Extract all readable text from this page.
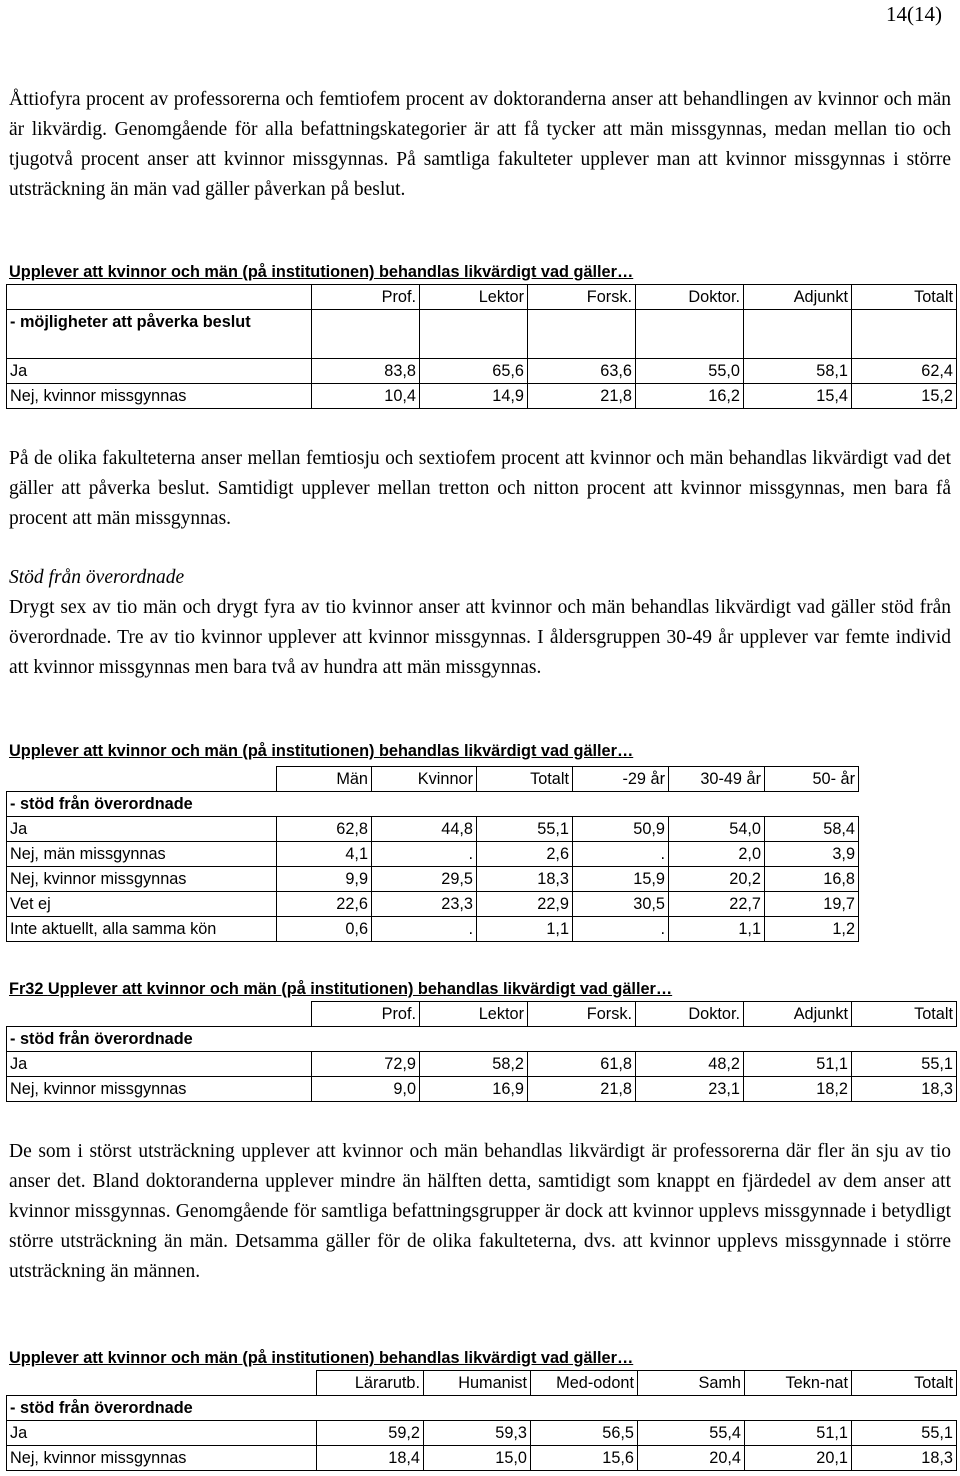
14(14)

Åttiofyra procent av professorerna och femtiofem procent av doktoranderna anser att behandlingen av kvinnor och män är likvärdig. Genomgående för alla befattningskategorier är att få tycker att män missgynnas, medan mellan tio och tjugotvå procent anser att kvinnor missgynnas. På samtliga fakulteter upplever man att kvinnor missgynnas i större utsträckning än män vad gäller påverkan på beslut.

Upplever att kvinnor och män (på institutionen) behandlas likvärdigt vad gäller…
	Prof.	Lektor	Forsk.	Doktor.	Adjunkt	Totalt
- möjligheter att påverka beslut						
Ja	83,8	65,6	63,6	55,0	58,1	62,4
Nej, kvinnor missgynnas	10,4	14,9	21,8	16,2	15,4	15,2

På de olika fakulteterna anser mellan femtiosju och sextiofem procent att kvinnor och män behandlas likvärdigt vad det gäller att påverka beslut. Samtidigt upplever mellan tretton och nitton procent att kvinnor missgynnas, men bara få procent att män missgynnas.

Stöd från överordnade

Drygt sex av tio män och drygt fyra av tio kvinnor anser att kvinnor och män behandlas likvärdigt vad gäller stöd från överordnade. Tre av tio kvinnor upplever att kvinnor missgynnas. I åldersgruppen 30-49 år upplever var femte individ att kvinnor missgynnas men bara två av hundra att män missgynnas.

Upplever att kvinnor och män (på institutionen) behandlas likvärdigt vad gäller…
	Män	Kvinnor	Totalt	-29 år	30-49 år	50- år
- stöd från överordnade						
Ja	62,8	44,8	55,1	50,9	54,0	58,4
Nej, män missgynnas	4,1	.	2,6	.	2,0	3,9
Nej, kvinnor missgynnas	9,9	29,5	18,3	15,9	20,2	16,8
Vet ej	22,6	23,3	22,9	30,5	22,7	19,7
Inte aktuellt, alla samma kön	0,6	.	1,1	.	1,1	1,2
Fr32 Upplever att kvinnor och män (på institutionen) behandlas likvärdigt vad gäller…
	Prof.	Lektor	Forsk.	Doktor.	Adjunkt	Totalt
- stöd från överordnade						
Ja	72,9	58,2	61,8	48,2	51,1	55,1
Nej, kvinnor missgynnas	9,0	16,9	21,8	23,1	18,2	18,3

De som i störst utsträckning upplever att kvinnor och män behandlas likvärdigt är professorerna där fler än sju av tio anser det. Bland doktoranderna upplever mindre än hälften detta, samtidigt som knappt en fjärdedel av dem anser att kvinnor missgynnas. Genomgående för samtliga befattningsgrupper är dock att kvinnor upplevs missgynnade i betydligt större utsträckning än män. Detsamma gäller för de olika fakulteterna, dvs. att kvinnor upplevs missgynnade i större utsträckning än männen.

Upplever att kvinnor och män (på institutionen) behandlas likvärdigt vad gäller…
	Lärarutb.	Humanist	Med-odont	Samh	Tekn-nat	Totalt
- stöd från överordnade						
Ja	59,2	59,3	56,5	55,4	51,1	55,1
Nej, kvinnor missgynnas	18,4	15,0	15,6	20,4	20,1	18,3
